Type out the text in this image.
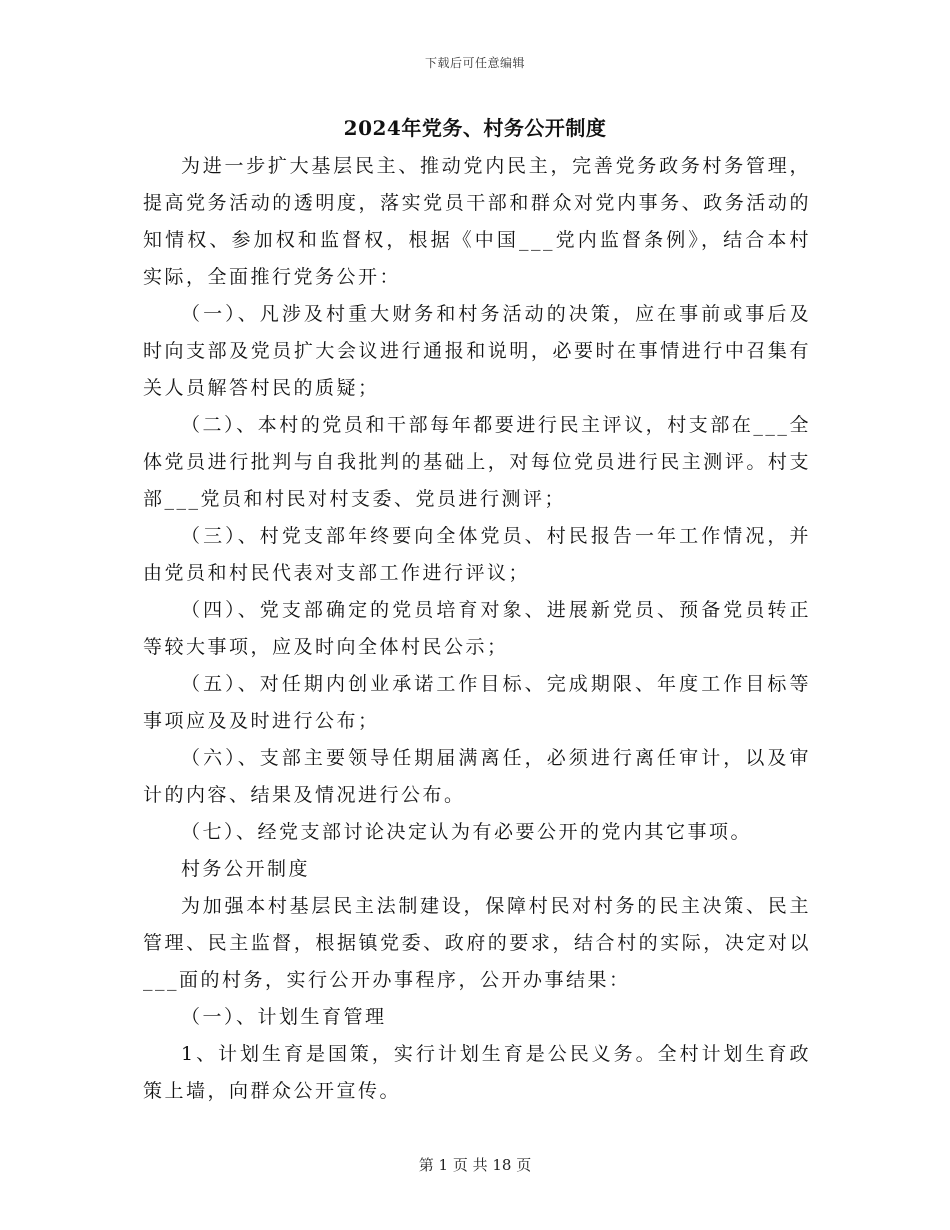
下载后可任意编辑
2024年党务、村务公开制度

为进一步扩大基层民主、推动党内民主，完善党务政务村务管理，提高党务活动的透明度，落实党员干部和群众对党内事务、政务活动的知情权、参加权和监督权，根据《中国___党内监督条例》，结合本村实际，全面推行党务公开：

（一）、凡涉及村重大财务和村务活动的决策，应在事前或事后及时向支部及党员扩大会议进行通报和说明，必要时在事情进行中召集有关人员解答村民的质疑；

（二）、本村的党员和干部每年都要进行民主评议，村支部在___全体党员进行批判与自我批判的基础上，对每位党员进行民主测评。村支部___党员和村民对村支委、党员进行测评；

（三）、村党支部年终要向全体党员、村民报告一年工作情况，并由党员和村民代表对支部工作进行评议；

（四）、党支部确定的党员培育对象、进展新党员、预备党员转正等较大事项，应及时向全体村民公示；

（五）、对任期内创业承诺工作目标、完成期限、年度工作目标等事项应及及时进行公布；

（六）、支部主要领导任期届满离任，必须进行离任审计，以及审计的内容、结果及情况进行公布。

（七）、经党支部讨论决定认为有必要公开的党内其它事项。

村务公开制度

为加强本村基层民主法制建设，保障村民对村务的民主决策、民主管理、民主监督，根据镇党委、政府的要求，结合村的实际，决定对以___面的村务，实行公开办事程序，公开办事结果：

（一）、计划生育管理

1、计划生育是国策，实行计划生育是公民义务。全村计划生育政策上墙，向群众公开宣传。

第 1 页 共 18 页
